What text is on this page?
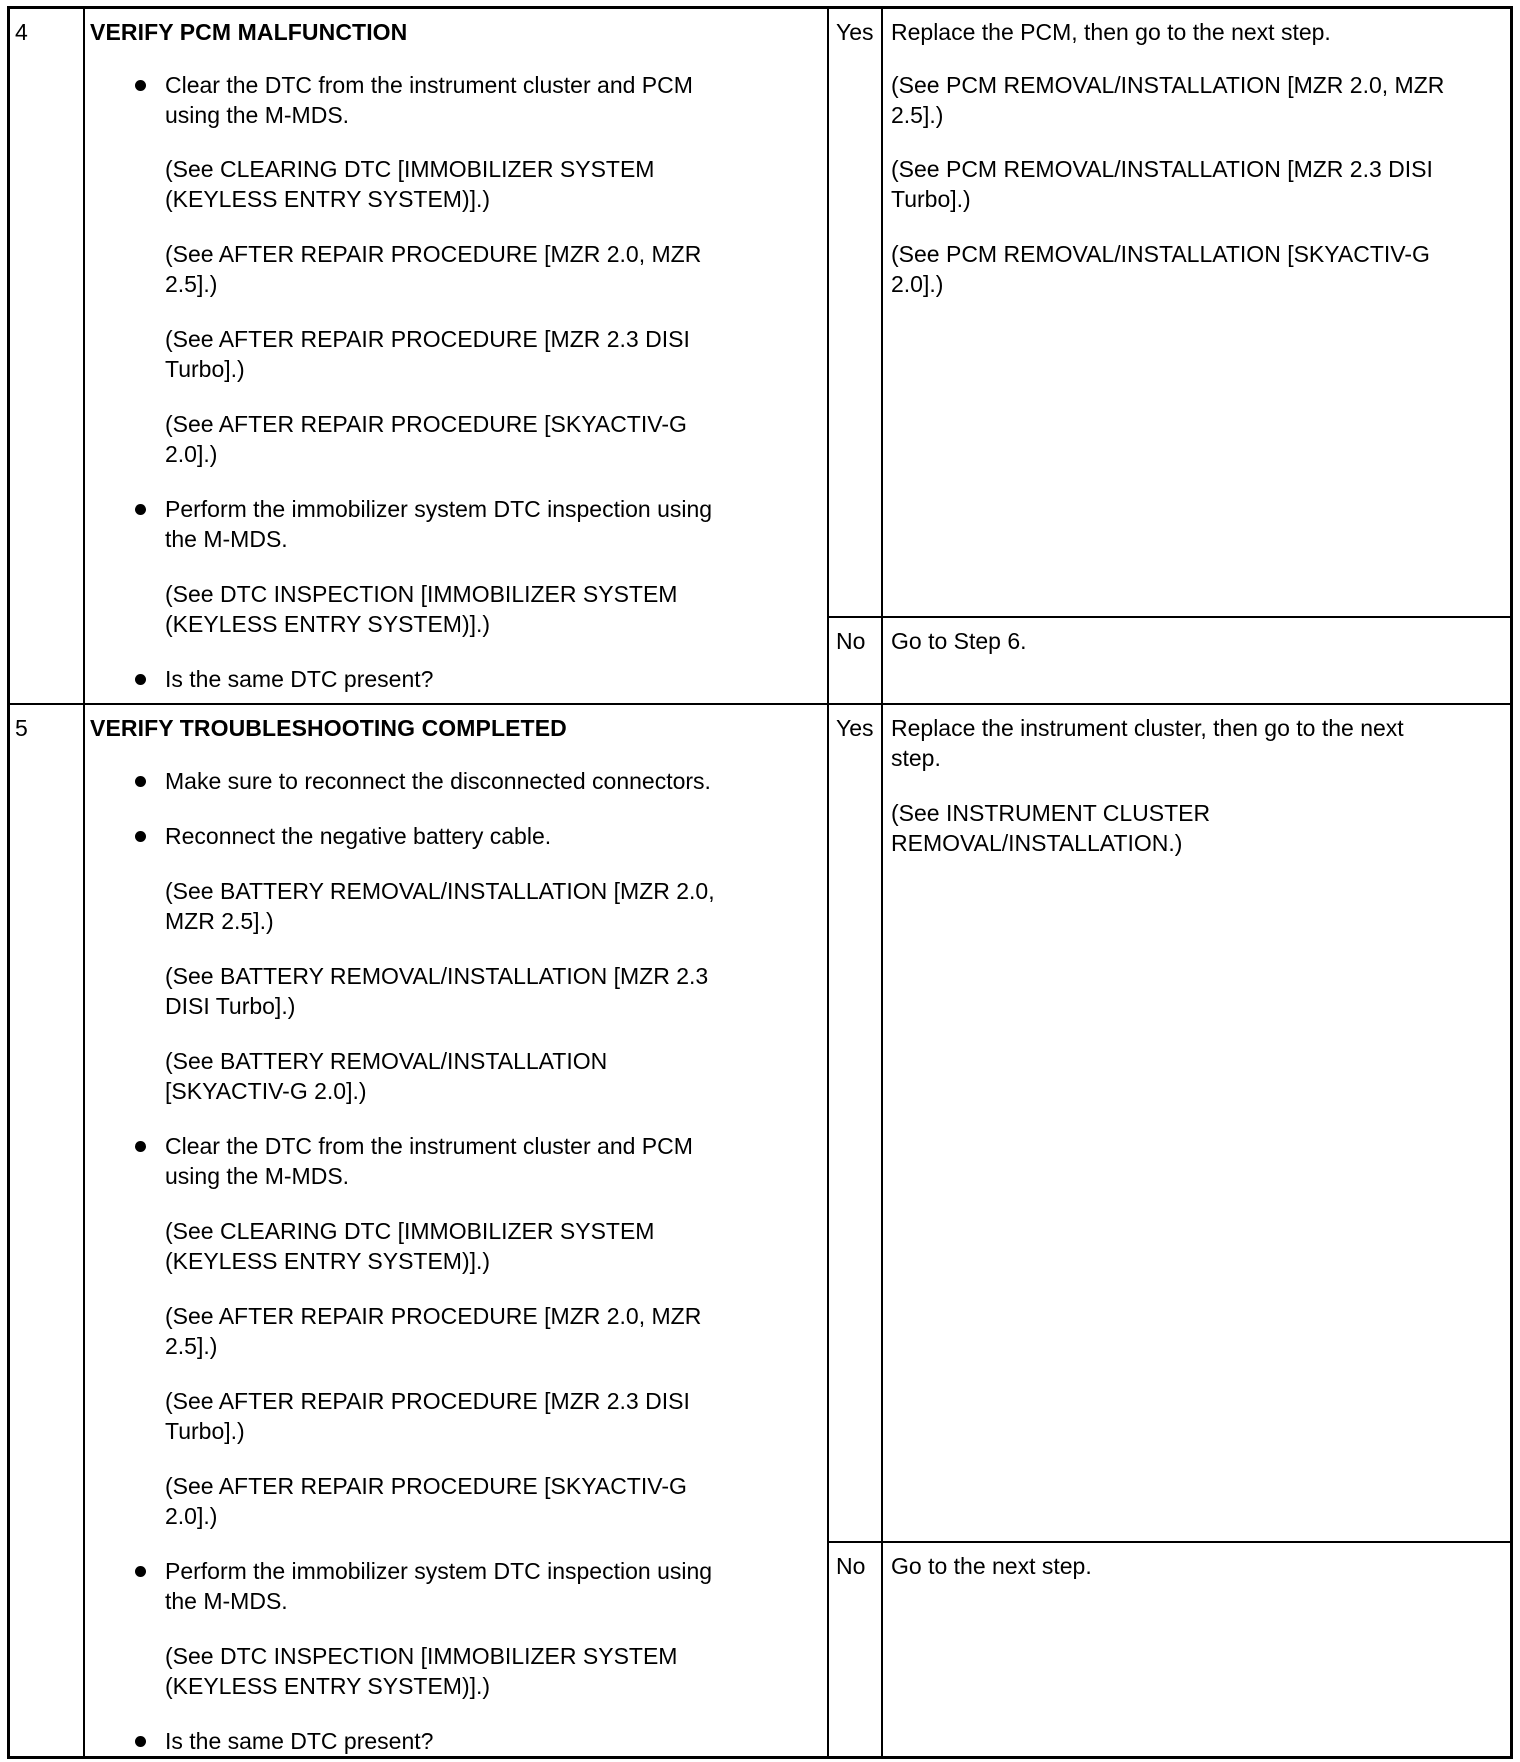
4	VERIFY PCM MALFUNCTION
Clear the DTC from the instrument cluster and PCM
using the M-MDS.
(See CLEARING DTC [IMMOBILIZER SYSTEM
(KEYLESS ENTRY SYSTEM)].)
(See AFTER REPAIR PROCEDURE [MZR 2.0, MZR
2.5].)
(See AFTER REPAIR PROCEDURE [MZR 2.3 DISI
Turbo].)
(See AFTER REPAIR PROCEDURE [SKYACTIV-G
2.0].)
Perform the immobilizer system DTC inspection using
the M-MDS.
(See DTC INSPECTION [IMMOBILIZER SYSTEM
(KEYLESS ENTRY SYSTEM)].)
Is the same DTC present?
Yes Replace the PCM, then go to the next step.
(See PCM REMOVAL/INSTALLATION [MZR 2.0, MZR
2.5].)
(See PCM REMOVAL/INSTALLATION [MZR 2.3 DISI
Turbo].)
(See PCM REMOVAL/INSTALLATION [SKYACTIV-G
2.0].)
No Go to Step 6.
5	VERIFY TROUBLESHOOTING COMPLETED
Make sure to reconnect the disconnected connectors.
Reconnect the negative battery cable.
(See BATTERY REMOVAL/INSTALLATION [MZR 2.0,
MZR 2.5].)
(See BATTERY REMOVAL/INSTALLATION [MZR 2.3
DISI Turbo].)
(See BATTERY REMOVAL/INSTALLATION
[SKYACTIV-G 2.0].)
Clear the DTC from the instrument cluster and PCM
using the M-MDS.
(See CLEARING DTC [IMMOBILIZER SYSTEM
(KEYLESS ENTRY SYSTEM)].)
(See AFTER REPAIR PROCEDURE [MZR 2.0, MZR
2.5].)
(See AFTER REPAIR PROCEDURE [MZR 2.3 DISI
Turbo].)
(See AFTER REPAIR PROCEDURE [SKYACTIV-G
2.0].)
Perform the immobilizer system DTC inspection using
the M-MDS.
(See DTC INSPECTION [IMMOBILIZER SYSTEM
(KEYLESS ENTRY SYSTEM)].)
Is the same DTC present?
Yes Replace the instrument cluster, then go to the next
step.
(See INSTRUMENT CLUSTER
REMOVAL/INSTALLATION.)
No Go to the next step.
